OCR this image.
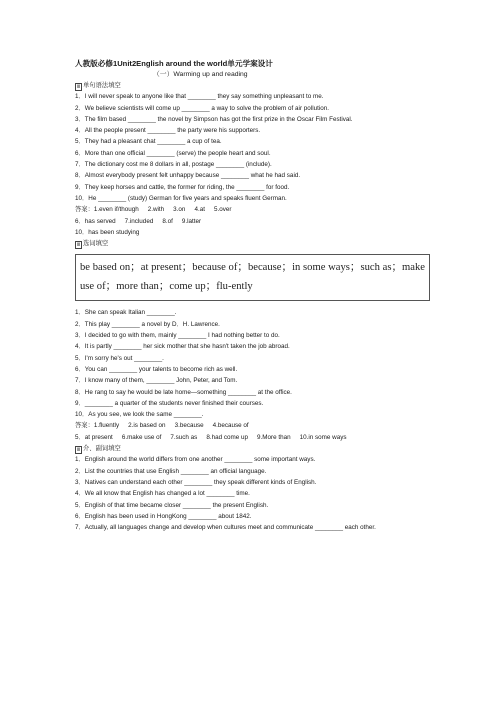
人教版必修1Unit2English around the world单元学案设计

（一）Warming up and reading

Ⅲ 单句语法填空

1．I will never speak to anyone like that ________ they say something unpleasant to me.

2．We believe scientists will come up ________ a way to solve the problem of air pollution.

3．The film based ________ the novel by Simpson has got the first prize in the Oscar Film Festival.

4．All the people present ________ the party were his supporters.

5．They had a pleasant chat ________ a cup of tea.

6．More than one official ________ (serve) the people heart and soul.

7．The dictionary cost me 8 dollars in all, postage ________ (include).

8．Almost everybody present felt unhappy because ________ what he had said.

9．They keep horses and cattle, the former for riding, the ________ for food.

10．He ________ (study) German for five years and speaks fluent German.

答案：1.even if/though 2.with 3.on 4.at 5.over

6．has served 7.included 8.of 9.latter

10．has been studying

Ⅲ 选词填空

be based on；at present；because of；because；in some ways；such as；make use of；more than；come up；flu-ently

1．She can speak Italian ________.

2．This play ________ a novel by D．H. Lawrence.

3．I decided to go with them, mainly ________ I had nothing better to do.

4．It is partly ________ her sick mother that she hasn't taken the job abroad.

5．I'm sorry he's out ________.

6．You can ________ your talents to become rich as well.

7．I know many of them, ________ John, Peter, and Tom.

8．He rang to say he would be late home—something ________ at the office.

9．________ a quarter of the students never finished their courses.

10．As you see, we look the same ________.

答案：1.fluently 2.is based on 3.because 4.because of

5．at present 6.make use of 7.such as 8.had come up 9.More than 10.in some ways

Ⅲ 介、副词填空

1．English around the world differs from one another ________ some important ways.

2．List the countries that use English ________ an official language.

3．Natives can understand each other ________ they speak different kinds of English.

4．We all know that English has changed a lot ________ time.

5．English of that time became closer ________ the present English.

6．English has been used in HongKong ________ about 1842.

7．Actually, all languages change and develop when cultures meet and communicate ________ each other.
